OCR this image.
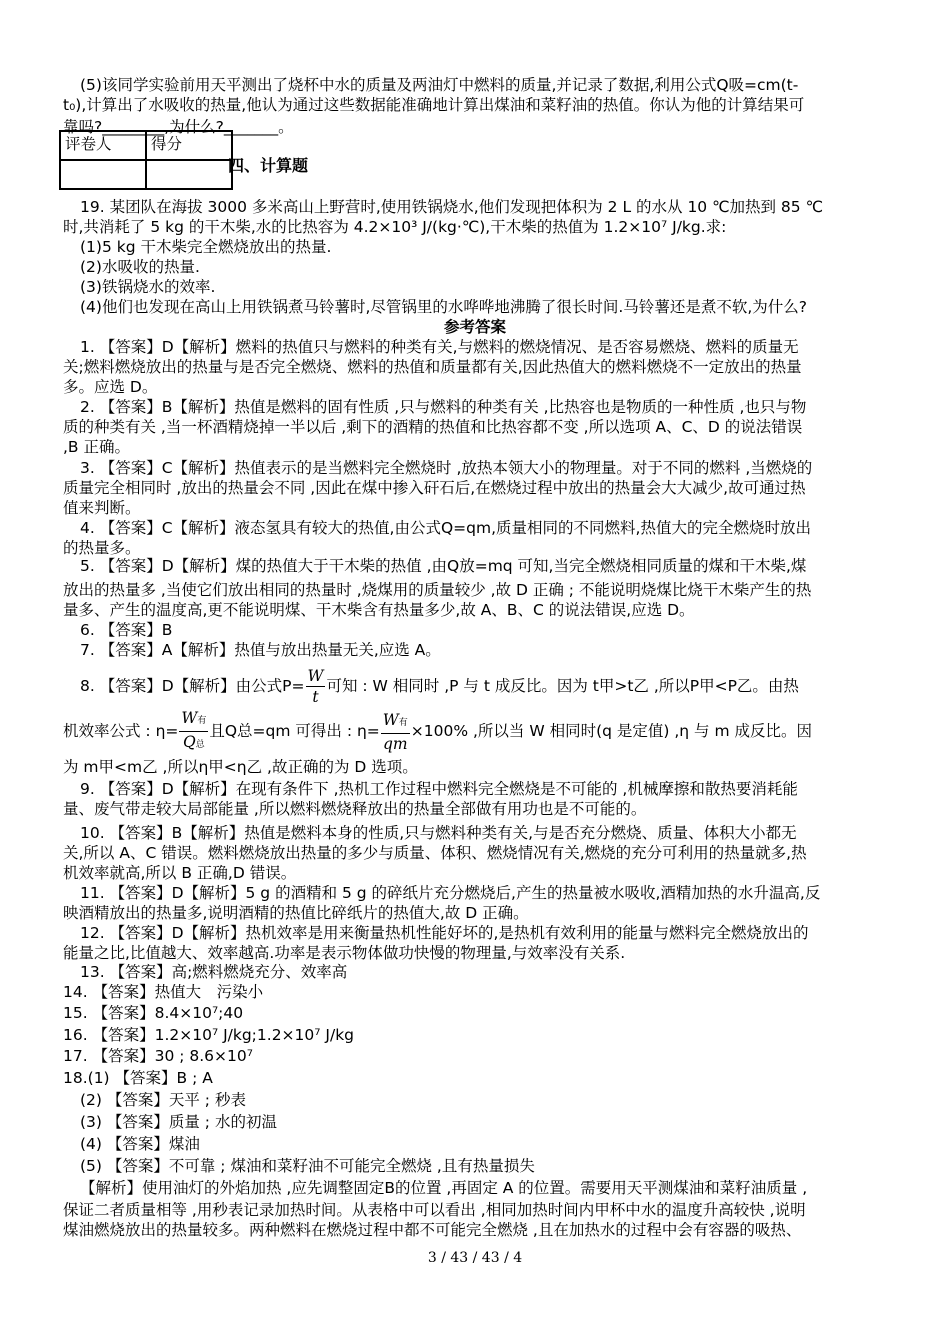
评卷人	得分

四、计算题
参考答案
8. 【答案】D【解析】由公式$P= \frac{W}{t}$ 可知 : W 相同时 ,P 与 t 成反比。因为 t甲>t乙 ,所以P甲<P乙。由热
机效率公式 : $\eta= \frac{\text{W有}}{\text{Q总}}$ 且Q总=qm 可得出 : $\eta= \frac{\text{W有}}{qm} \times 100\%$ ,所以当 W 相同时(q 是定值) ,η 与 m 成反比。因
3 / 43 / 43 / 4
(5)该同学实验前用天平测出了烧杯中水的质量及两油灯中燃料的质量,并记录了数据,利用公式Q吸=cm(t-
t₀),计算出了水吸收的热量,他认为通过这些数据能准确地计算出煤油和菜籽油的热值。你认为他的计算结果可
靠吗?________,为什么?_______。
19. 某团队在海拔 3000 多米高山上野营时,使用铁锅烧水,他们发现把体积为 2 L 的水从 10 ℃加热到 85 ℃
时,共消耗了 5 kg 的干木柴,水的比热容为 4.2×10³ J/(kg·℃),干木柴的热值为 1.2×10⁷ J/kg.求:
(1)5 kg 干木柴完全燃烧放出的热量.
(2)水吸收的热量.
(3)铁锅烧水的效率.
(4)他们也发现在高山上用铁锅煮马铃薯时,尽管锅里的水哗哗地沸腾了很长时间.马铃薯还是煮不软,为什么?
1. 【答案】D【解析】燃料的热值只与燃料的种类有关,与燃料的燃烧情况、是否容易燃烧、燃料的质量无
关;燃料燃烧放出的热量与是否完全燃烧、燃料的热值和质量都有关,因此热值大的燃料燃烧不一定放出的热量
多。应选 D。
2. 【答案】B【解析】热值是燃料的固有性质 ,只与燃料的种类有关 ,比热容也是物质的一种性质 ,也只与物
质的种类有关 ,当一杯酒精烧掉一半以后 ,剩下的酒精的热值和比热容都不变 ,所以选项 A、C、D 的说法错误
,B 正确。
3. 【答案】C【解析】热值表示的是当燃料完全燃烧时 ,放热本领大小的物理量。对于不同的燃料 ,当燃烧的
质量完全相同时 ,放出的热量会不同 ,因此在煤中掺入矸石后,在燃烧过程中放出的热量会大大减少,故可通过热
值来判断。
4. 【答案】C【解析】液态氢具有较大的热值,由公式Q=qm,质量相同的不同燃料,热值大的完全燃烧时放出
的热量多。
5. 【答案】D【解析】煤的热值大于干木柴的热值 ,由Q放=mq 可知,当完全燃烧相同质量的煤和干木柴,煤
放出的热量多 ,当使它们放出相同的热量时 ,烧煤用的质量较少 ,故 D 正确 ; 不能说明烧煤比烧干木柴产生的热
量多、产生的温度高,更不能说明煤、干木柴含有热量多少,故 A、B、C 的说法错误,应选 D。
6. 【答案】B
7. 【答案】A【解析】热值与放出热量无关,应选 A。
为 m甲<m乙 ,所以η甲<η乙 ,故正确的为 D 选项。
9. 【答案】D【解析】在现有条件下 ,热机工作过程中燃料完全燃烧是不可能的 ,机械摩擦和散热要消耗能
量、废气带走较大局部能量 ,所以燃料燃烧释放出的热量全部做有用功也是不可能的。
10. 【答案】B【解析】热值是燃料本身的性质,只与燃料种类有关,与是否充分燃烧、质量、体积大小都无
关,所以 A、C 错误。燃料燃烧放出热量的多少与质量、体积、燃烧情况有关,燃烧的充分可利用的热量就多,热
机效率就高,所以 B 正确,D 错误。
11. 【答案】D【解析】5 g 的酒精和 5 g 的碎纸片充分燃烧后,产生的热量被水吸收,酒精加热的水升温高,反
映酒精放出的热量多,说明酒精的热值比碎纸片的热值大,故 D 正确。
12. 【答案】D【解析】热机效率是用来衡量热机性能好坏的,是热机有效利用的能量与燃料完全燃烧放出的
能量之比,比值越大、效率越高.功率是表示物体做功快慢的物理量,与效率没有关系.
13. 【答案】高;燃料燃烧充分、效率高
14. 【答案】热值大　污染小
15. 【答案】8.4×10⁷;40
16. 【答案】1.2×10⁷ J/kg;1.2×10⁷ J/kg
17. 【答案】30 ; 8.6×10⁷
18.(1) 【答案】B ; A
(2) 【答案】天平 ; 秒表
(3) 【答案】质量 ; 水的初温
(4) 【答案】煤油
(5) 【答案】不可靠 ; 煤油和菜籽油不可能完全燃烧 ,且有热量损失
【解析】使用油灯的外焰加热 ,应先调整固定B的位置 ,再固定 A 的位置。需要用天平测煤油和菜籽油质量 ,
保证二者质量相等 ,用秒表记录加热时间。从表格中可以看出 ,相同加热时间内甲杯中水的温度升高较快 ,说明
煤油燃烧放出的热量较多。两种燃料在燃烧过程中都不可能完全燃烧 ,且在加热水的过程中会有容器的吸热、
